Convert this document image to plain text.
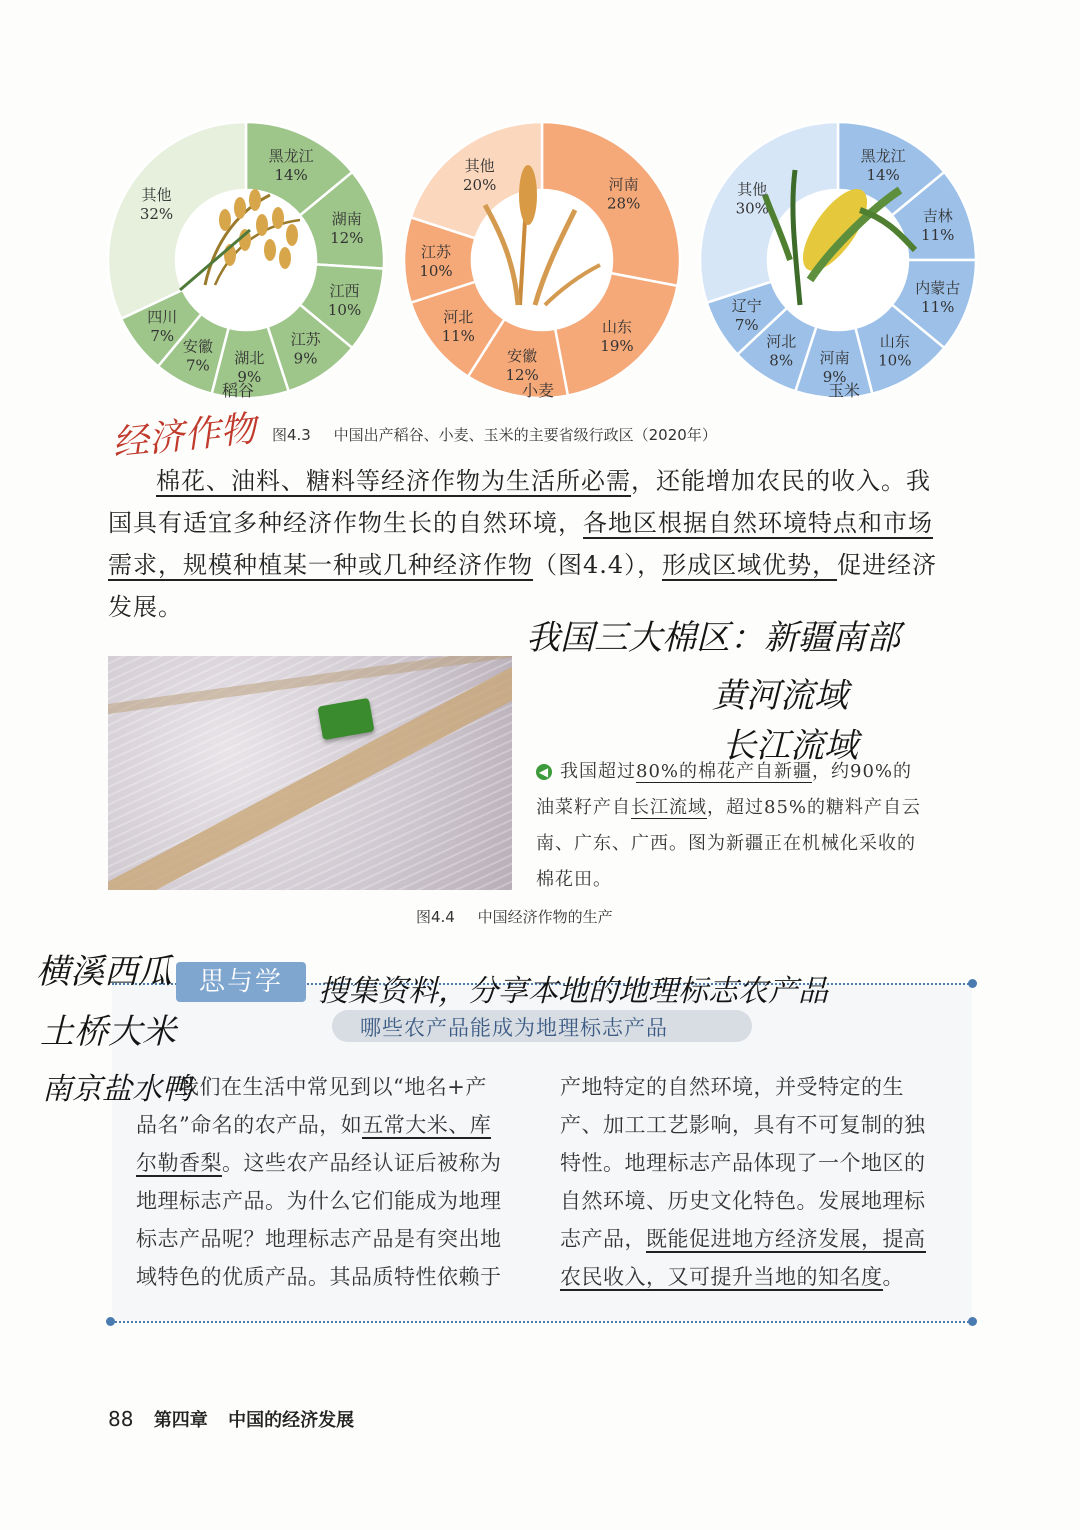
黑龙江
14%
湖南
12%
江西
10%
江苏
9%
湖北
9%
安徽
7%
四川
7%
其他
32%
河南
28%
山东
19%
安徽
12%
河北
11%
江苏
10%
其他
20%
黑龙江
14%
吉林
11%
内蒙古
11%
山东
10%
河南
9%
河北
8%
辽宁
7%
其他
30%
稻谷	小麦	玉米
图4.3 中国出产稻谷、小麦、玉米的主要省级行政区（2020年）
经济作物
棉花、油料、糖料等经济作物为生活所必需，还能增加农民的收入。我
国具有适宜多种经济作物生长的自然环境，各地区根据自然环境特点和市场
需求，规模种植某一种或几种经济作物（图4.4），形成区域优势，促进经济
发展。
我国三大棉区：新疆南部
黄河流域
长江流域
◀ 我国超过80%的棉花产自新疆，约90%的
油菜籽产自长江流域，超过85%的糖料产自云
南、广东、广西。图为新疆正在机械化采收的
棉花田。
图4.4 中国经济作物的生产
思与学
哪些农产品能成为地理标志产品
搜集资料，分享本地的地理标志农产品
我们在生活中常见到以“地名+产
品名”命名的农产品，如五常大米、库
尔勒香梨。这些农产品经认证后被称为
地理标志产品。为什么它们能成为地理
标志产品呢？地理标志产品是有突出地
域特色的优质产品。其品质特性依赖于
产地特定的自然环境，并受特定的生
产、加工工艺影响，具有不可复制的独
特性。地理标志产品体现了一个地区的
自然环境、历史文化特色。发展地理标
志产品，既能促进地方经济发展，提高
农民收入，又可提升当地的知名度。
横溪西瓜
土桥大米
南京盐水鸭
88 第四章 中国的经济发展
